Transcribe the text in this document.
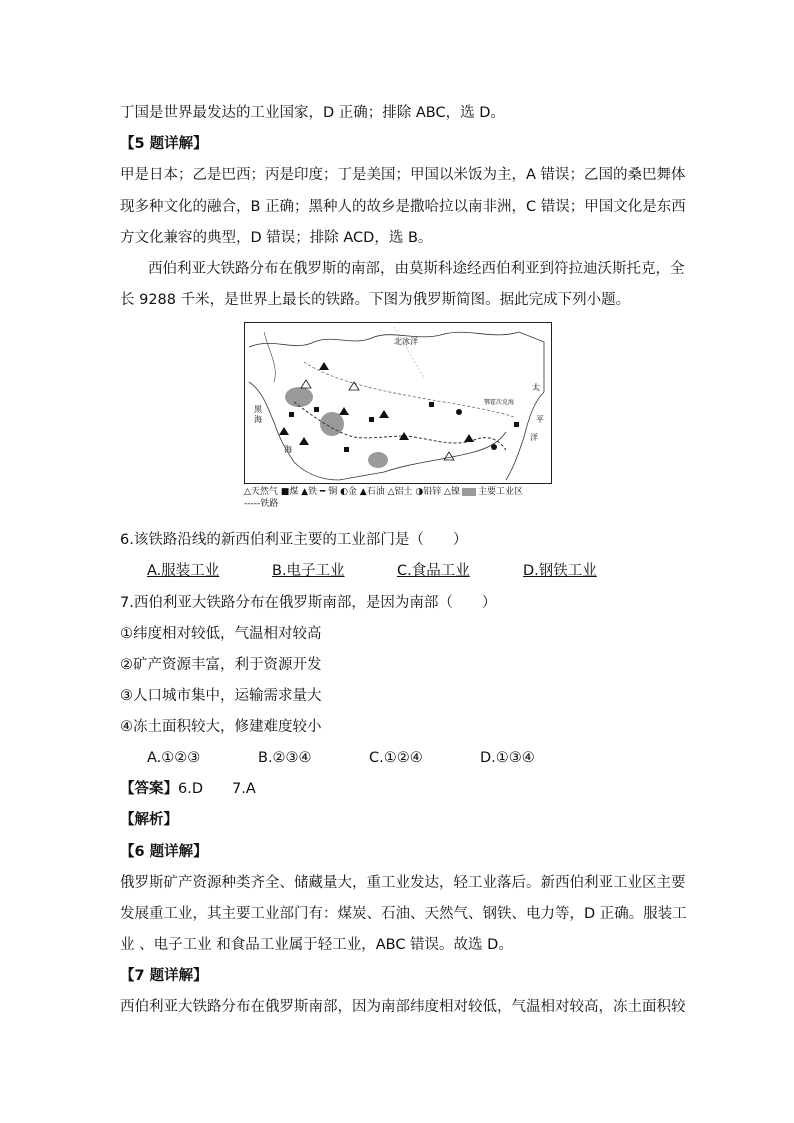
丁国是世界最发达的工业国家，D 正确；排除 ABC，选 D。
【5 题详解】
甲是日本；乙是巴西；丙是印度；丁是美国；甲国以米饭为主，A 错误；乙国的桑巴舞体
现多种文化的融合，B 正确；黑种人的故乡是撒哈拉以南非洲，C 错误；甲国文化是东西
方文化兼容的典型，D 错误；排除 ACD，选 B。
西伯利亚大铁路分布在俄罗斯的南部，由莫斯科途经西伯利亚到符拉迪沃斯托克，全
长 9288 千米，是世界上最长的铁路。下图为俄罗斯简图。据此完成下列小题。
北冰洋
黑
海
海
太
平
洋
鄂霍次克海
△天然气 ■煤 ▲铁 ━ 铜 ◐金 ▲石油 △铝土 ◑铅锌 △镍 主要工业区
-----铁路
6.该铁路沿线的新西伯利亚主要的工业部门是（　　）
A.服装工业	B.电子工业	C.食品工业	D.钢铁工业
7.西伯利亚大铁路分布在俄罗斯南部，是因为南部（　　）
①纬度相对较低，气温相对较高
②矿产资源丰富，利于资源开发
③人口城市集中，运输需求量大
④冻土面积较大，修建难度较小
A.①②③	B.②③④	C.①②④	D.①③④
【答案】6.D　　7.A
【解析】
【6 题详解】
俄罗斯矿产资源种类齐全、储藏量大，重工业发达，轻工业落后。新西伯利亚工业区主要
发展重工业，其主要工业部门有：煤炭、石油、天然气、钢铁、电力等，D 正确。服装工
业 、电子工业 和食品工业属于轻工业，ABC 错误。故选 D。
【7 题详解】
西伯利亚大铁路分布在俄罗斯南部，因为南部纬度相对较低，气温相对较高，冻土面积较
